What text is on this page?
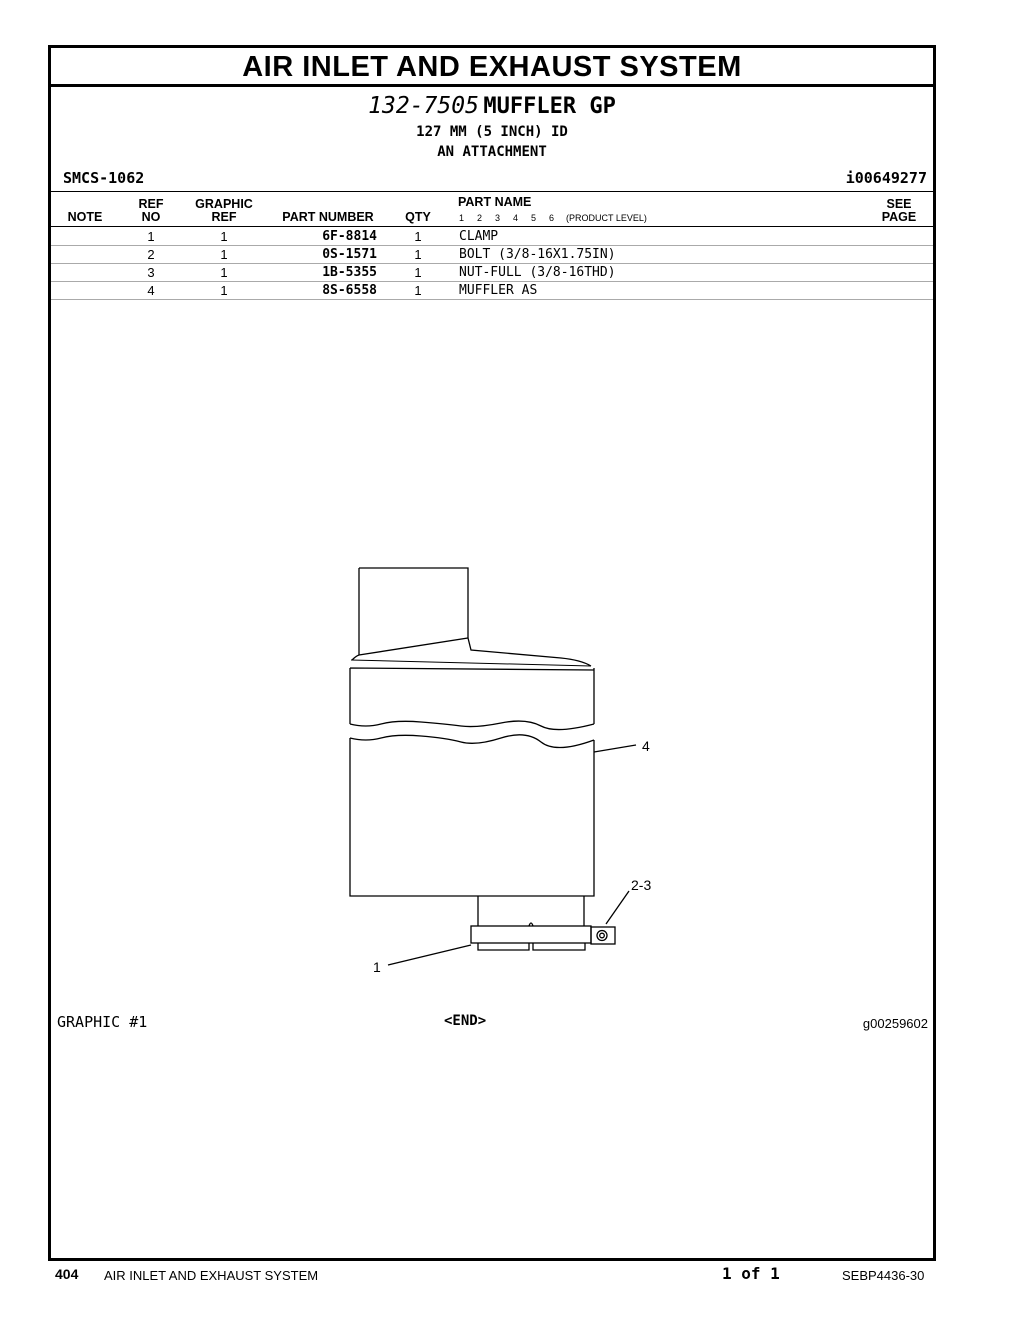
AIR INLET AND EXHAUST SYSTEM
132-7505 MUFFLER GP
127 MM (5 INCH) ID
AN ATTACHMENT
SMCS-1062	i00649277
NOTE
REF
NO
GRAPHIC
REF	PART NUMBER	QTY
PART NAME
1 2 3 4 5 6 (PRODUCT LEVEL)
SEE
PAGE
1	1	6F-8814	1	CLAMP
2	1	0S-1571	1	BOLT (3/8-16X1.75IN)
3	1	1B-5355	1	NUT-FULL (3/8-16THD)
4	1	8S-6558	1	MUFFLER AS
4
2-3
1
GRAPHIC #1	<END>	g00259602
404 AIR INLET AND EXHAUST SYSTEM	1 of 1	SEBP4436-30
